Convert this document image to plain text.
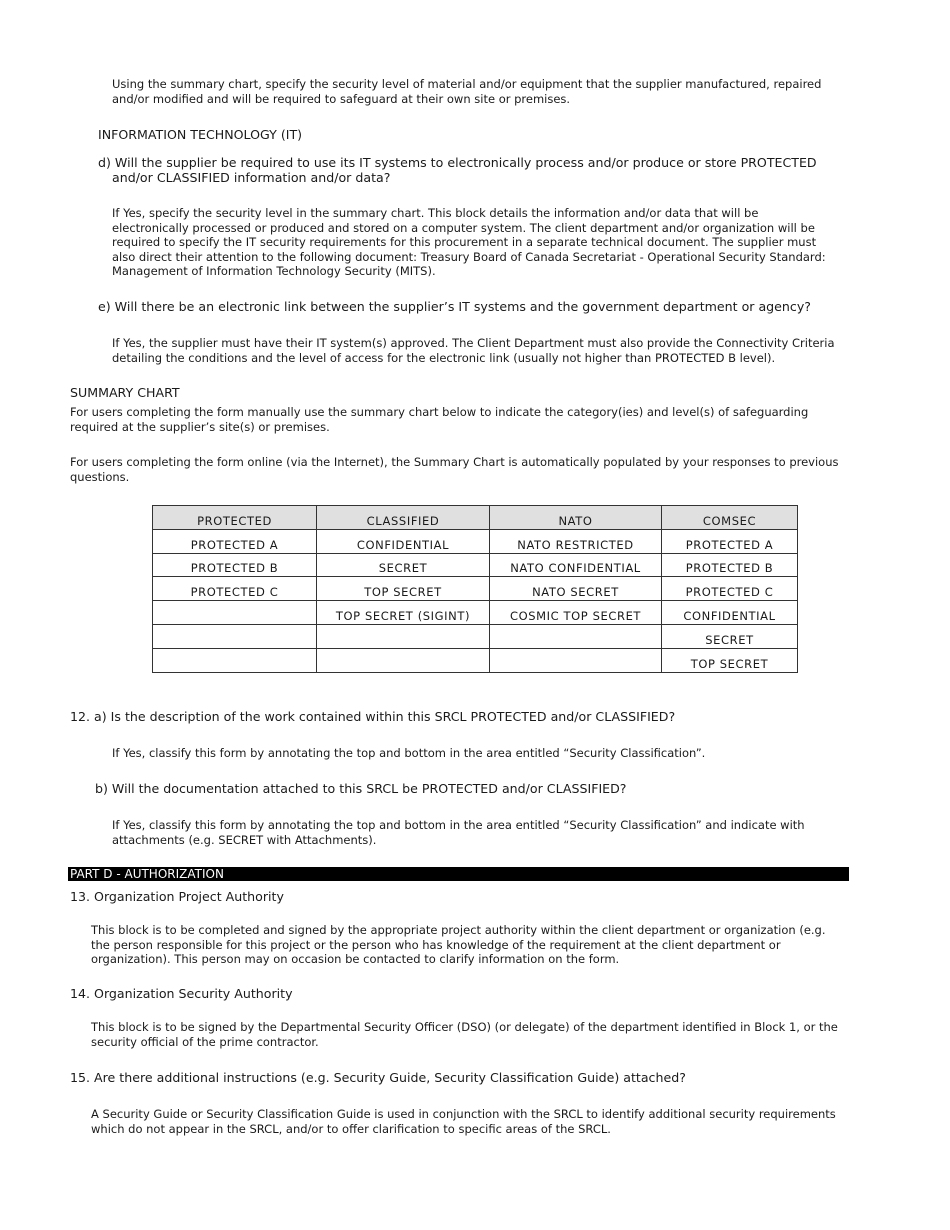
Using the summary chart, specify the security level of material and/or equipment that the supplier manufactured, repaired and/or modified and will be required to safeguard at their own site or premises.
INFORMATION TECHNOLOGY (IT)
d) Will the supplier be required to use its IT systems to electronically process and/or produce or store PROTECTED and/or CLASSIFIED information and/or data?
If Yes, specify the security level in the summary chart. This block details the information and/or data that will be electronically processed or produced and stored on a computer system. The client department and/or organization will be required to specify the IT security requirements for this procurement in a separate technical document. The supplier must also direct their attention to the following document: Treasury Board of Canada Secretariat - Operational Security Standard: Management of Information Technology Security (MITS).
e) Will there be an electronic link between the supplier’s IT systems and the government department or agency?
If Yes, the supplier must have their IT system(s) approved. The Client Department must also provide the Connectivity Criteria detailing the conditions and the level of access for the electronic link (usually not higher than PROTECTED B level).
SUMMARY CHART
For users completing the form manually use the summary chart below to indicate the category(ies) and level(s) of safeguarding required at the supplier’s site(s) or premises.
For users completing the form online (via the Internet), the Summary Chart is automatically populated by your responses to previous questions.
PROTECTED	CLASSIFIED	NATO	COMSEC
PROTECTED A	CONFIDENTIAL	NATO RESTRICTED	PROTECTED A
PROTECTED B	SECRET	NATO CONFIDENTIAL	PROTECTED B
PROTECTED C	TOP SECRET	NATO SECRET	PROTECTED C
	TOP SECRET (SIGINT)	COSMIC TOP SECRET	CONFIDENTIAL
			SECRET
			TOP SECRET
12. a) Is the description of the work contained within this SRCL PROTECTED and/or CLASSIFIED?
If Yes, classify this form by annotating the top and bottom in the area entitled “Security Classification”.
b) Will the documentation attached to this SRCL be PROTECTED and/or CLASSIFIED?
If Yes, classify this form by annotating the top and bottom in the area entitled “Security Classification” and indicate with attachments (e.g. SECRET with Attachments).
PART D - AUTHORIZATION
13. Organization Project Authority
This block is to be completed and signed by the appropriate project authority within the client department or organization (e.g. the person responsible for this project or the person who has knowledge of the requirement at the client department or organization). This person may on occasion be contacted to clarify information on the form.
14. Organization Security Authority
This block is to be signed by the Departmental Security Officer (DSO) (or delegate) of the department identified in Block 1, or the security official of the prime contractor.
15. Are there additional instructions (e.g. Security Guide, Security Classification Guide) attached?
A Security Guide or Security Classification Guide is used in conjunction with the SRCL to identify additional security requirements which do not appear in the SRCL, and/or to offer clarification to specific areas of the SRCL.
